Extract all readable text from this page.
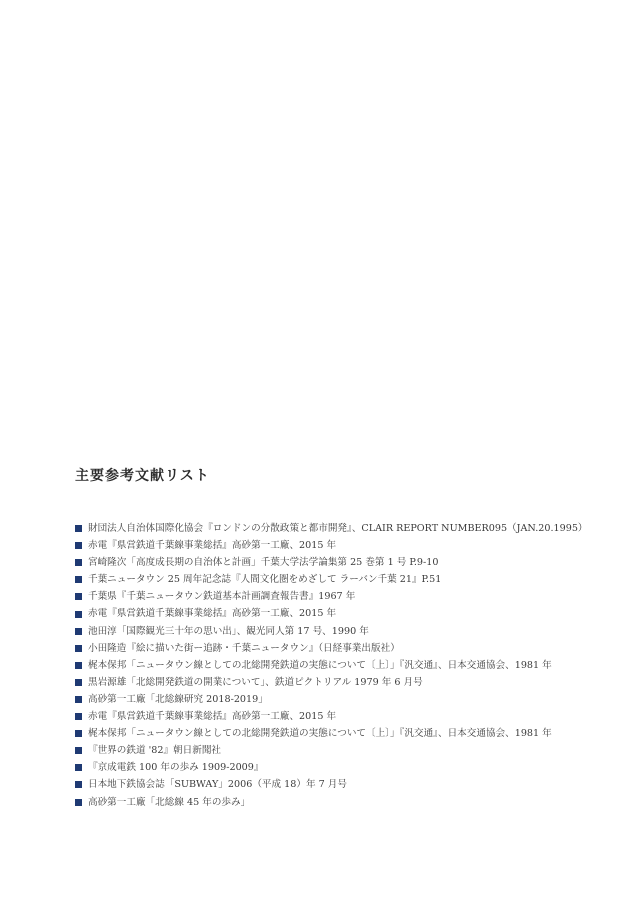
主要参考文献リスト
財団法人自治体国際化協会『ロンドンの分散政策と都市開発』、CLAIR REPORT NUMBER095（JAN.20.1995）
赤電『県営鉄道千葉線事業総括』高砂第一工廠、2015 年
宮崎隆次「高度成長期の自治体と計画」千葉大学法学論集第 25 巻第 1 号 P.9-10
千葉ニュータウン 25 周年記念誌『人間文化圏をめざして ラーバン千葉 21』P.51
千葉県『千葉ニュータウン鉄道基本計画調査報告書』1967 年
赤電『県営鉄道千葉線事業総括』高砂第一工廠、2015 年
池田淳「国際観光三十年の思い出」、観光同人第 17 号、1990 年
小田隆造『絵に描いた街ー追跡・千葉ニュータウン』（日経事業出版社）
梶本保邦「ニュータウン線としての北総開発鉄道の実態について〔上〕」『汎交通』、日本交通協会、1981 年
黒岩源雄「北総開発鉄道の開業について」、鉄道ピクトリアル 1979 年 6 月号
高砂第一工廠「北総線研究 2018-2019」
赤電『県営鉄道千葉線事業総括』高砂第一工廠、2015 年
梶本保邦「ニュータウン線としての北総開発鉄道の実態について〔上〕」『汎交通』、日本交通協会、1981 年
『世界の鉄道 '82』朝日新聞社
『京成電鉄 100 年の歩み 1909-2009』
日本地下鉄協会誌「SUBWAY」2006（平成 18）年 7 月号
高砂第一工廠「北総線 45 年の歩み」
